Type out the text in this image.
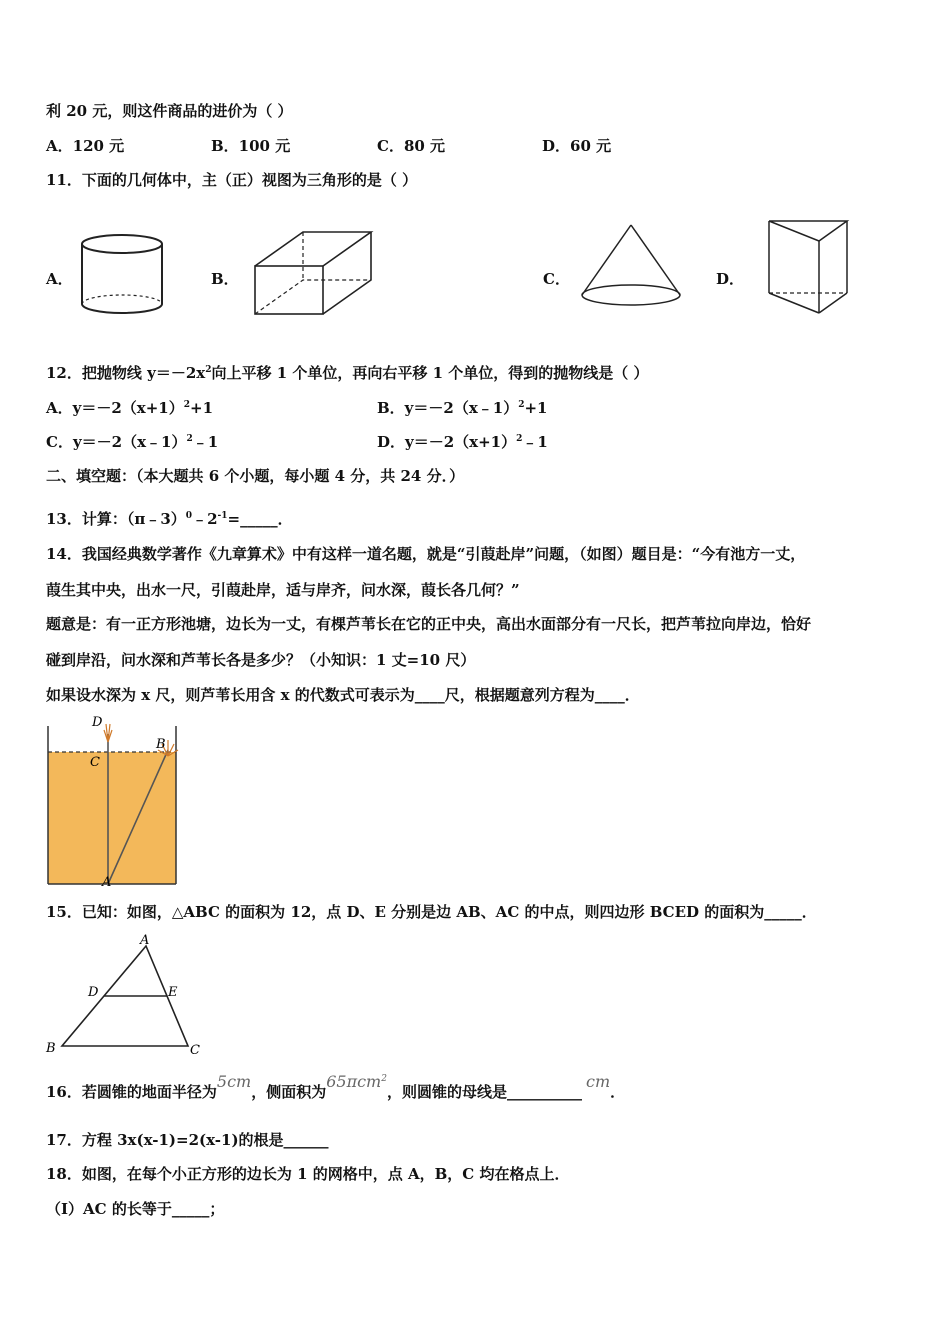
利 20 元，则这件商品的进价为（ ）
A．120 元	B．100 元	C．80 元	D．60 元
11．下面的几何体中，主（正）视图为三角形的是（ ）
A．	B．	C．	D．
12．把抛物线 $y=-2x^2$向上平移 1 个单位，再向右平移 1 个单位，得到的抛物线是（ ）
A．$y=-2(x+1)^2+1$	B．y＝－2（x﹣1）$^2$+1
C．y＝－2（x﹣1）$^2$﹣1	D．$y=-2(x+1)^2﹣1$
二、填空题：（本大题共 6 个小题，每小题 4 分，共 24 分．）
13．计算：$(\pi﹣3)^0﹣2^{-1}=\_\_\_\_\_$．
14．我国经典数学著作《九章算术》中有这样一道名题，就是“引葭赴岸”问题，（如图）题目是：“今有池方一丈，
葭生其中央，出水一尺，引葭赴岸，适与岸齐，问水深，葭长各几何？”
题意是：有一正方形池塘，边长为一丈，有棵芦苇长在它的正中央，高出水面部分有一尺长，把芦苇拉向岸边，恰好
碰到岸沿，问水深和芦苇长各是多少？（小知识：1 丈=10 尺）
如果设水深为 x 尺，则芦苇长用含 x 的代数式可表示为____尺，根据题意列方程为____．
D
C
B
A
15．已知：如图，△ABC 的面积为 12，点 D、E 分别是边 AB、AC 的中点，则四边形 BCED 的面积为_____．
A
D	E
B	C
16．若圆锥的地面半径为5cm，侧面积为65πcm$^2$，则圆锥的母线是__________cm．
17．方程 3x(x-1)=2(x-1)的根是______
18．如图，在每个小正方形的边长为 1 的网格中，点 A，B，C 均在格点上．
（Ⅰ）AC 的长等于_____；
